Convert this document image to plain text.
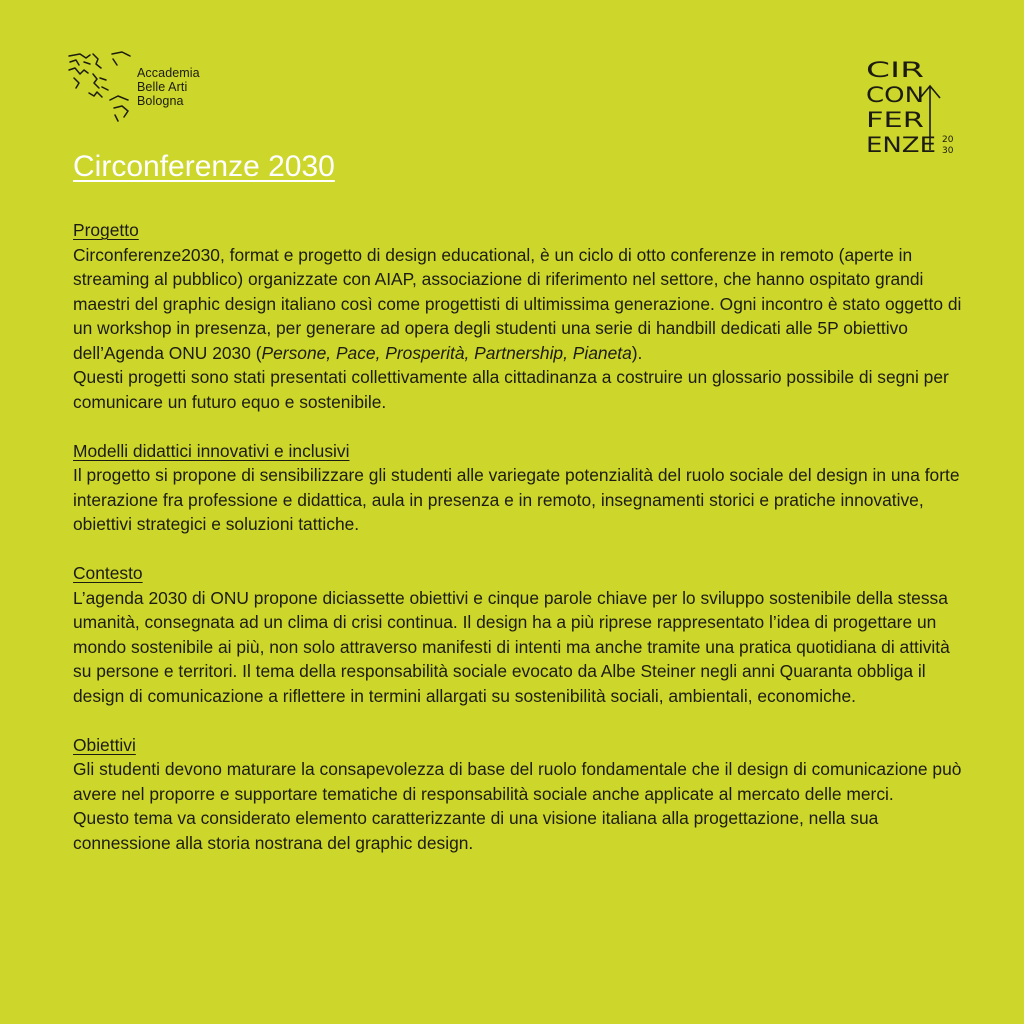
Accademia
Belle Arti
Bologna
CIR
CON
FER
ENZE 20
30
Circonferenze 2030
Progetto

Circonferenze2030, format e progetto di design educational, è un ciclo di otto conferenze in remoto (aperte in streaming al pubblico) organizzate con AIAP, associazione di riferimento nel settore, che hanno ospitato grandi maestri del graphic design italiano così come progettisti di ultimissima generazione. Ogni incontro è stato oggetto di un workshop in presenza, per generare ad opera degli studenti una serie di handbill dedicati alle 5P obiettivo dell’Agenda ONU 2030 (Persone, Pace, Prosperità, Partnership, Pianeta).

Questi progetti sono stati presentati collettivamente alla cittadinanza a costruire un glossario possibile di segni per comunicare un futuro equo e sostenibile.

Modelli didattici innovativi e inclusivi

Il progetto si propone di sensibilizzare gli studenti alle variegate potenzialità del ruolo sociale del design in una forte interazione fra professione e didattica, aula in presenza e in remoto, insegnamenti storici e pratiche innovative, obiettivi strategici e soluzioni tattiche.

Contesto

L’agenda 2030 di ONU propone diciassette obiettivi e cinque parole chiave per lo sviluppo sostenibile della stessa umanità, consegnata ad un clima di crisi continua. Il design ha a più riprese rappresentato l’idea di progettare un mondo sostenibile ai più, non solo attraverso manifesti di intenti ma anche tramite una pratica quotidiana di attività su persone e territori. Il tema della responsabilità sociale evocato da Albe Steiner negli anni Quaranta obbliga il design di comunicazione a riflettere in termini allargati su sostenibilità sociali, ambientali, economiche.

Obiettivi

Gli studenti devono maturare la consapevolezza di base del ruolo fondamentale che il design di comunicazione può avere nel proporre e supportare tematiche di responsabilità sociale anche applicate al mercato delle merci.

Questo tema va considerato elemento caratterizzante di una visione italiana alla progettazione, nella sua connessione alla storia nostrana del graphic design.
